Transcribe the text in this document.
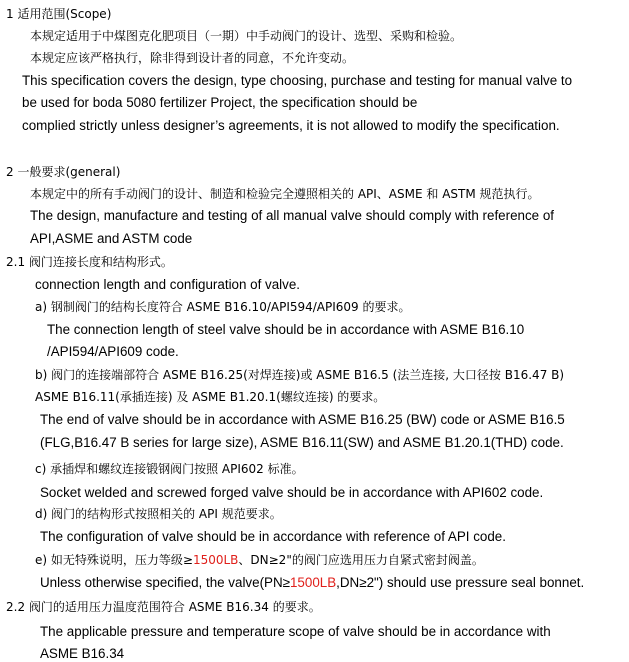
1 适用范围(Scope)
本规定适用于中煤图克化肥项目（一期）中手动阀门的设计、选型、采购和检验。
本规定应该严格执行，除非得到设计者的同意，不允许变动。
This specification covers the design, type choosing, purchase and testing for manual valve to
be used for boda 5080 fertilizer Project, the specification should be
complied strictly unless designer’s agreements, it is not allowed to modify the specification.
2 一般要求(general)
本规定中的所有手动阀门的设计、制造和检验完全遵照相关的 API、ASME 和 ASTM 规范执行。
The design, manufacture and testing of all manual valve should comply with reference of
API,ASME and ASTM code
2.1 阀门连接长度和结构形式。
connection length and configuration of valve.
a) 钢制阀门的结构长度符合 ASME B16.10/API594/API609 的要求。
The connection length of steel valve should be in accordance with ASME B16.10
/API594/API609 code.
b) 阀门的连接端部符合 ASME B16.25(对焊连接)或 ASME B16.5 (法兰连接, 大口径按 B16.47 B)
ASME B16.11(承插连接) 及 ASME B1.20.1(螺纹连接) 的要求。
The end of valve should be in accordance with ASME B16.25 (BW) code or ASME B16.5
(FLG,B16.47 B series for large size), ASME B16.11(SW) and ASME B1.20.1(THD) code.
c) 承插焊和螺纹连接锻钢阀门按照 API602 标准。
Socket welded and screwed forged valve should be in accordance with API602 code.
d) 阀门的结构形式按照相关的 API 规范要求。
The configuration of valve should be in accordance with reference of API code.
e) 如无特殊说明，压力等级≥1500LB、DN≥2"的阀门应选用压力自紧式密封阀盖。
Unless otherwise specified, the valve(PN≥1500LB,DN≥2") should use pressure seal bonnet.
2.2 阀门的适用压力温度范围符合 ASME B16.34 的要求。
The applicable pressure and temperature scope of valve should be in accordance with
ASME B16.34
